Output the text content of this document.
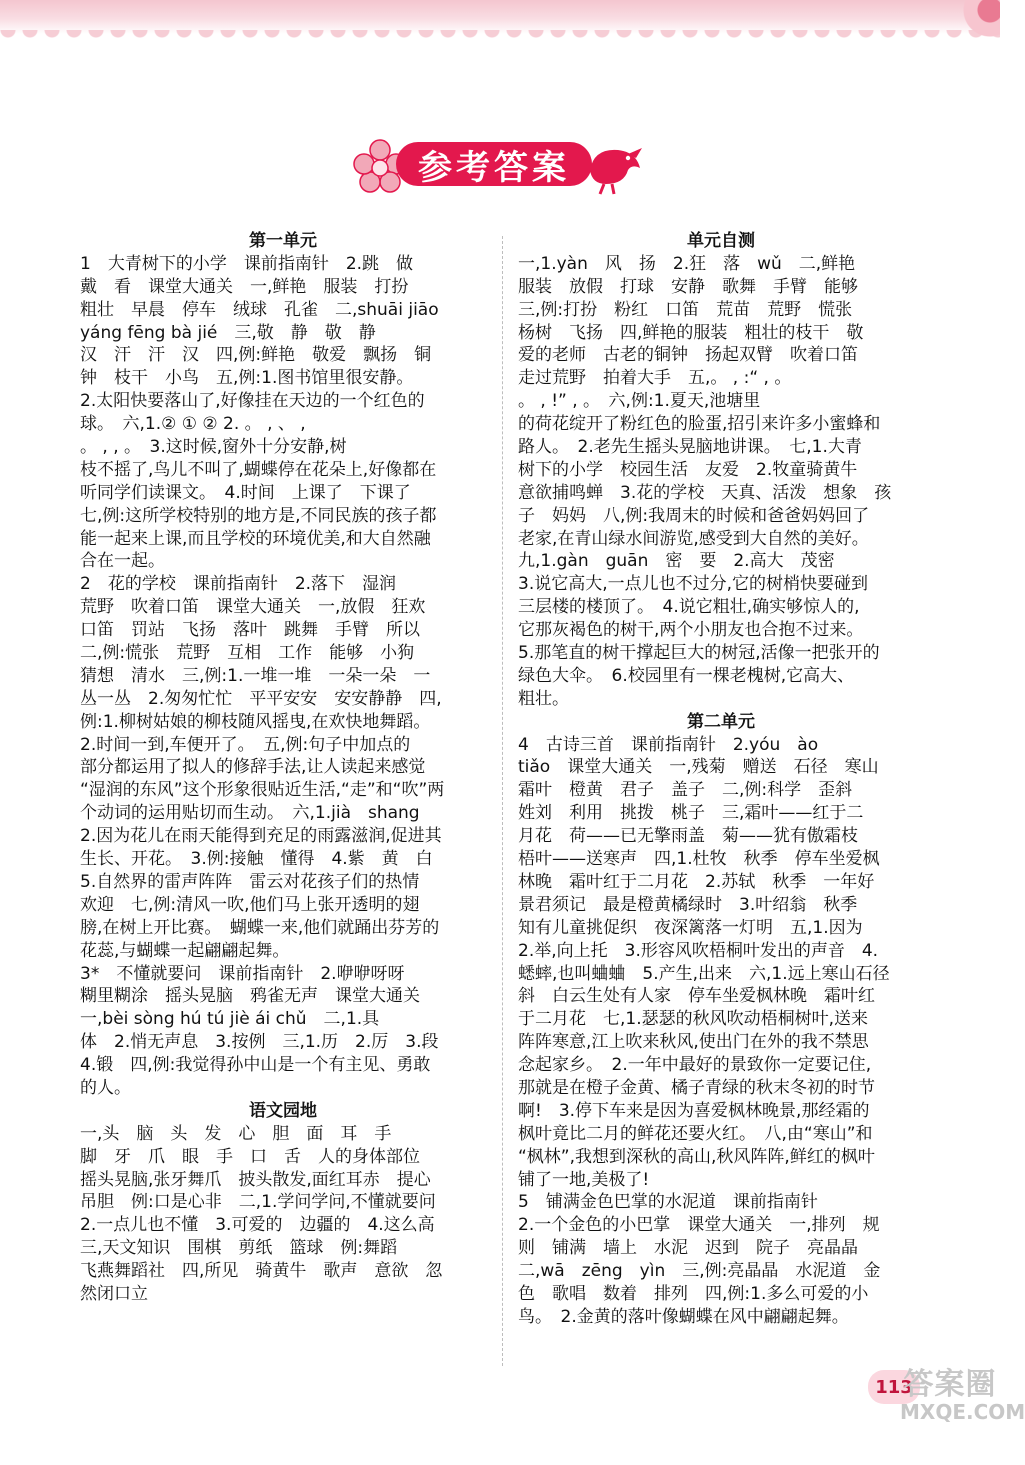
参考答案
第一单元
1　大青树下的小学　课前指南针　2.跳　做
戴　看　课堂大通关　一,鲜艳　服装　打扮
粗壮　早晨　停车　绒球　孔雀　二,shuāi jiāo
yáng fēng bà jié　三,敬　静　敬　静
汉　汗　汗　汉　四,例:鲜艳　敬爱　飘扬　铜
钟　枝干　小鸟　五,例:1.图书馆里很安静。
2.太阳快要落山了,好像挂在天边的一个红色的
球。　六,1.② ① ② 2. 。 , 、 ,
。 , , 。　3.这时候,窗外十分安静,树
枝不摇了,鸟儿不叫了,蝴蝶停在花朵上,好像都在
听同学们读课文。　4.时间　上课了　下课了
七,例:这所学校特别的地方是,不同民族的孩子都
能一起来上课,而且学校的环境优美,和大自然融
合在一起。
2　花的学校　课前指南针　2.落下　湿润
荒野　吹着口笛　课堂大通关　一,放假　狂欢
口笛　罚站　飞扬　落叶　跳舞　手臂　所以
二,例:慌张　荒野　互相　工作　能够　小狗
猜想　清水　三,例:1.一堆一堆　一朵一朵　一
丛一丛　2.匆匆忙忙　平平安安　安安静静　四,
例:1.柳树姑娘的柳枝随风摇曳,在欢快地舞蹈。
2.时间一到,车便开了。　五,例:句子中加点的
部分都运用了拟人的修辞手法,让人读起来感觉
“湿润的东风”这个形象很贴近生活,“走”和“吹”两
个动词的运用贴切而生动。　六,1.jià　shang
2.因为花儿在雨天能得到充足的雨露滋润,促进其
生长、开花。　3.例:接触　懂得　4.紫　黄　白
5.自然界的雷声阵阵　雷云对花孩子们的热情
欢迎　七,例:清风一吹,他们马上张开透明的翅
膀,在树上开比赛。　蝴蝶一来,他们就踊出芬芳的
花蕊,与蝴蝶一起翩翩起舞。
3*　不懂就要问　课前指南针　2.咿咿呀呀
糊里糊涂　摇头晃脑　鸦雀无声　课堂大通关
一,bèi sòng hú tú jiè ái chǔ　二,1.具
体　2.悄无声息　3.按例　三,1.历　2.厉　3.段
4.锻　四,例:我觉得孙中山是一个有主见、勇敢
的人。
语文园地
一,头　脑　头　发　心　胆　面　耳　手
脚　牙　爪　眼　手　口　舌　人的身体部位
摇头晃脑,张牙舞爪　披头散发,面红耳赤　提心
吊胆　例:口是心非　二,1.学问学问,不懂就要问
2.一点儿也不懂　3.可爱的　边疆的　4.这么高
三,天文知识　围棋　剪纸　篮球　例:舞蹈
飞燕舞蹈社　四,所见　骑黄牛　歌声　意欲　忽
然闭口立
单元自测
一,1.yàn　风　扬　2.狂　落　wǔ　二,鲜艳
服装　放假　打球　安静　歌舞　手臂　能够
三,例:打扮　粉红　口笛　荒苗　荒野　慌张
杨树　飞扬　四,鲜艳的服装　粗壮的枝干　敬
爱的老师　古老的铜钟　扬起双臂　吹着口笛
走过荒野　拍着大手　五,。 , :“ , 。
。 , !” , 。　六,例:1.夏天,池塘里
的荷花绽开了粉红色的脸蛋,招引来许多小蜜蜂和
路人。　2.老先生摇头晃脑地讲课。　七,1.大青
树下的小学　校园生活　友爱　2.牧童骑黄牛
意欲捕鸣蝉　3.花的学校　天真、活泼　想象　孩
子　妈妈　八,例:我周末的时候和爸爸妈妈回了
老家,在青山绿水间游览,感受到大自然的美好。
九,1.gàn　guān　密　要　2.高大　茂密
3.说它高大,一点儿也不过分,它的树梢快要碰到
三层楼的楼顶了。　4.说它粗壮,确实够惊人的,
它那灰褐色的树干,两个小朋友也合抱不过来。
5.那笔直的树干撑起巨大的树冠,活像一把张开的
绿色大伞。　6.校园里有一棵老槐树,它高大、
粗壮。
第二单元
4　古诗三首　课前指南针　2.yóu　ào
tiǎo　课堂大通关　一,残菊　赠送　石径　寒山
霜叶　橙黄　君子　盖子　二,例:科学　歪斜
姓刘　利用　挑拨　桃子　三,霜叶——红于二
月花　荷——已无擎雨盖　菊——犹有傲霜枝
梧叶——送寒声　四,1.杜牧　秋季　停车坐爱枫
林晚　霜叶红于二月花　2.苏轼　秋季　一年好
景君须记　最是橙黄橘绿时　3.叶绍翁　秋季
知有儿童挑促织　夜深篱落一灯明　五,1.因为
2.举,向上托　3.形容风吹梧桐叶发出的声音　4.
蟋蟀,也叫蛐蛐　5.产生,出来　六,1.远上寒山石径
斜　白云生处有人家　停车坐爱枫林晚　霜叶红
于二月花　七,1.瑟瑟的秋风吹动梧桐树叶,送来
阵阵寒意,江上吹来秋风,使出门在外的我不禁思
念起家乡。　2.一年中最好的景致你一定要记住,
那就是在橙子金黄、橘子青绿的秋末冬初的时节
啊!　3.停下车来是因为喜爱枫林晚景,那经霜的
枫叶竟比二月的鲜花还要火红。　八,由“寒山”和
“枫林”,我想到深秋的高山,秋风阵阵,鲜红的枫叶
铺了一地,美极了!
5　铺满金色巴掌的水泥道　课前指南针
2.一个金色的小巴掌　课堂大通关　一,排列　规
则　铺满　墙上　水泥　迟到　院子　亮晶晶
二,wā　zēng　yìn　三,例:亮晶晶　水泥道　金
色　歌唱　数着　排列　四,例:1.多么可爱的小
鸟。　2.金黄的落叶像蝴蝶在风中翩翩起舞。
113
答案圈
MXQE.COM
